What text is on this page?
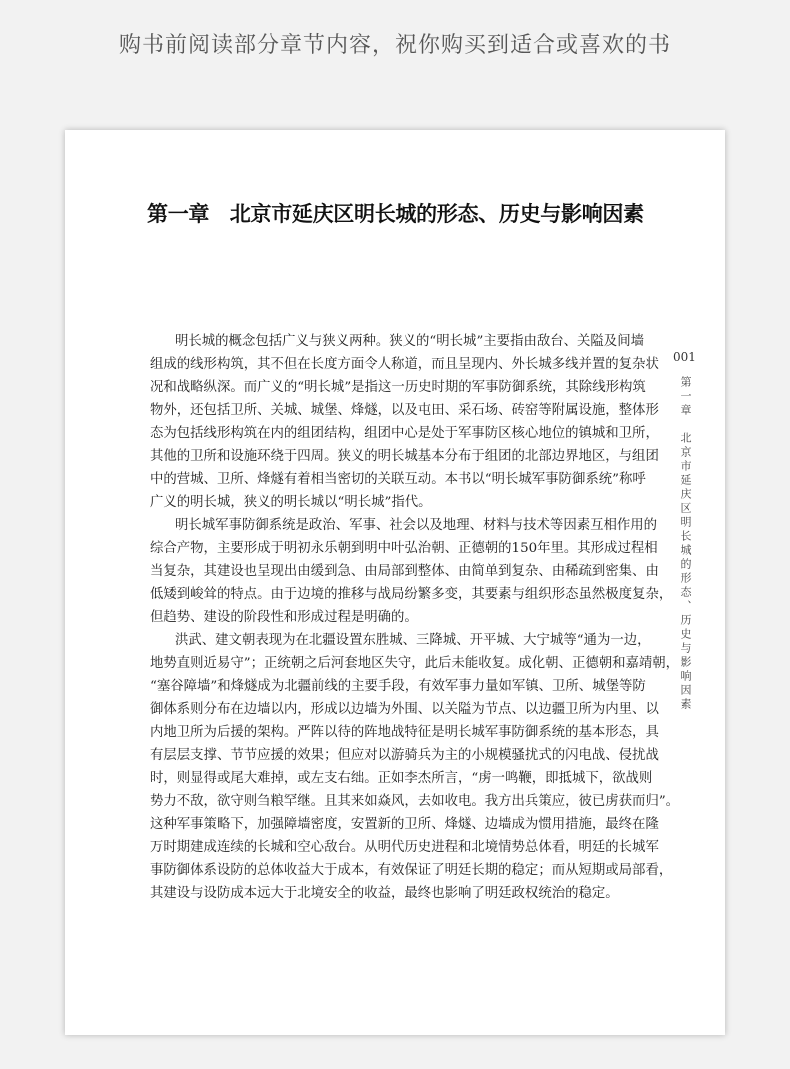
购书前阅读部分章节内容，祝你购买到适合或喜欢的书
第一章　北京市延庆区明长城的形态、历史与影响因素
明长城的概念包括广义与狭义两种。狭义的“明长城”主要指由敌台、关隘及间墙
组成的线形构筑，其不但在长度方面令人称道，而且呈现内、外长城多线并置的复杂状
况和战略纵深。而广义的“明长城”是指这一历史时期的军事防御系统，其除线形构筑
物外，还包括卫所、关城、城堡、烽燧，以及屯田、采石场、砖窑等附属设施，整体形
态为包括线形构筑在内的组团结构，组团中心是处于军事防区核心地位的镇城和卫所，
其他的卫所和设施环绕于四周。狭义的明长城基本分布于组团的北部边界地区，与组团
中的营城、卫所、烽燧有着相当密切的关联互动。本书以“明长城军事防御系统”称呼
广义的明长城，狭义的明长城以“明长城”指代。
明长城军事防御系统是政治、军事、社会以及地理、材料与技术等因素互相作用的
综合产物，主要形成于明初永乐朝到明中叶弘治朝、正德朝的150年里。其形成过程相
当复杂，其建设也呈现出由缓到急、由局部到整体、由简单到复杂、由稀疏到密集、由
低矮到峻耸的特点。由于边境的推移与战局纷繁多变，其要素与组织形态虽然极度复杂，
但趋势、建设的阶段性和形成过程是明确的。
洪武、建文朝表现为在北疆设置东胜城、三降城、开平城、大宁城等“通为一边，
地势直则近易守”；正统朝之后河套地区失守，此后未能收复。成化朝、正德朝和嘉靖朝，
“塞谷障墙”和烽燧成为北疆前线的主要手段，有效军事力量如军镇、卫所、城堡等防
御体系则分布在边墙以内，形成以边墙为外围、以关隘为节点、以边疆卫所为内里、以
内地卫所为后援的架构。严阵以待的阵地战特征是明长城军事防御系统的基本形态，具
有层层支撑、节节应援的效果；但应对以游骑兵为主的小规模骚扰式的闪电战、侵扰战
时，则显得或尾大难掉，或左支右绌。正如李杰所言，“虏一鸣鞭，即抵城下，欲战则
势力不敌，欲守则刍粮罕继。且其来如焱风，去如收电。我方出兵策应，彼已虏获而归”。
这种军事策略下，加强障墙密度，安置新的卫所、烽燧、边墙成为惯用措施，最终在隆
万时期建成连续的长城和空心敌台。从明代历史进程和北境情势总体看，明廷的长城军
事防御体系设防的总体收益大于成本，有效保证了明廷长期的稳定；而从短期或局部看，
其建设与设防成本远大于北境安全的收益，最终也影响了明廷政权统治的稳定。
001
第一章　北京市延庆区明长城的形态、历史与影响因素
